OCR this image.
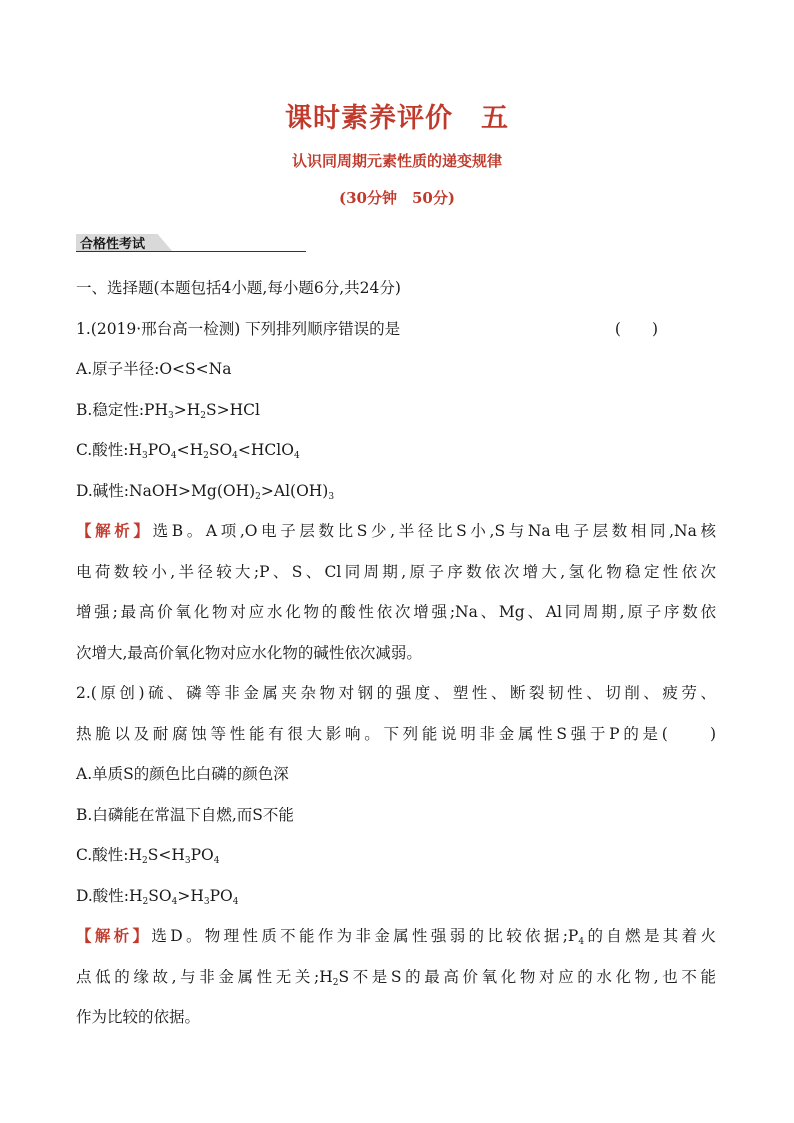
课时素养评价　五
认识同周期元素性质的递变规律
(30分钟　50分)
合格性考试
一、选择题(本题包括4小题,每小题6分,共24分)
1.(2019·邢台高一检测) 下列排列顺序错误的是	(　　)
A.原子半径:O<S<Na
B.稳定性$:PH_3>H_2S>HCl$
C.酸性$:H_3PO_4<H_2SO_4<HClO_4$
D.碱性$:NaOH>Mg(OH)_2>Al(OH)_3$
【解析】选B。A项,O电子层数比S少,半径比S小,S与Na电子层数相同,Na核
电荷数较小,半径较大;P、S、Cl同周期,原子序数依次增大,氢化物稳定性依次
增强;最高价氧化物对应水化物的酸性依次增强;Na、Mg、Al同周期,原子序数依
次增大,最高价氧化物对应水化物的碱性依次减弱。
2.(原创)硫、磷等非金属夹杂物对钢的强度、塑性、断裂韧性、切削、疲劳、
热脆以及耐腐蚀等性能有很大影响。下列能说明非金属性S强于P的是(　　)
A.单质S的颜色比白磷的颜色深
B.白磷能在常温下自燃,而S不能
C.酸性$:H_2S<H_3PO_4$
D.酸性$:H_2SO_4>H_3PO_4$
【解析】选D。物理性质不能作为非金属性强弱的比较依据$;P_4$的自燃是其着火
点低的缘故,与非金属性无关$;H_2S$不是S的最高价氧化物对应的水化物,也不能
作为比较的依据。
